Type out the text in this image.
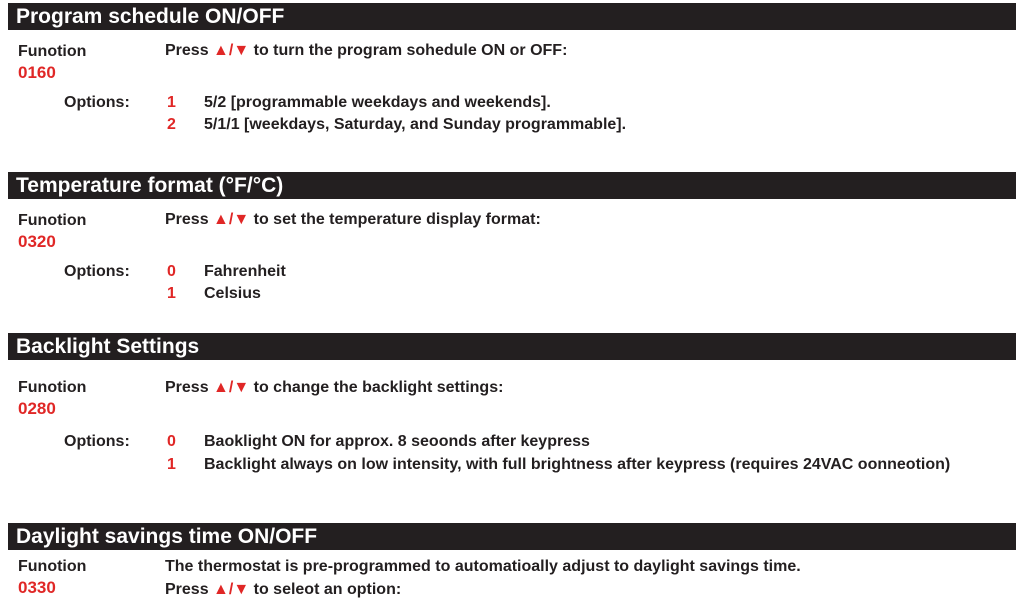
Program schedule ON/OFF
Funotion
0160
Press ▲/▼ to turn the program sohedule ON or OFF:
Options: 1 5/2 [programmable weekdays and weekends].
2 5/1/1 [weekdays, Saturday, and Sunday programmable].
Temperature format (°F/°C)
Funotion
0320
Press ▲/▼ to set the temperature display format:
Options: 0 Fahrenheit
1 Celsius
Backlight Settings
Funotion
0280
Press ▲/▼ to change the backlight settings:
Options: 0 Baoklight ON for approx. 8 seoonds after keypress
1 Backlight always on low intensity, with full brightness after keypress (requires 24VAC oonneotion)
Daylight savings time ON/OFF
Funotion
0330
The thermostat is pre-programmed to automatioally adjust to daylight savings time.
Press ▲/▼ to seleot an option:
